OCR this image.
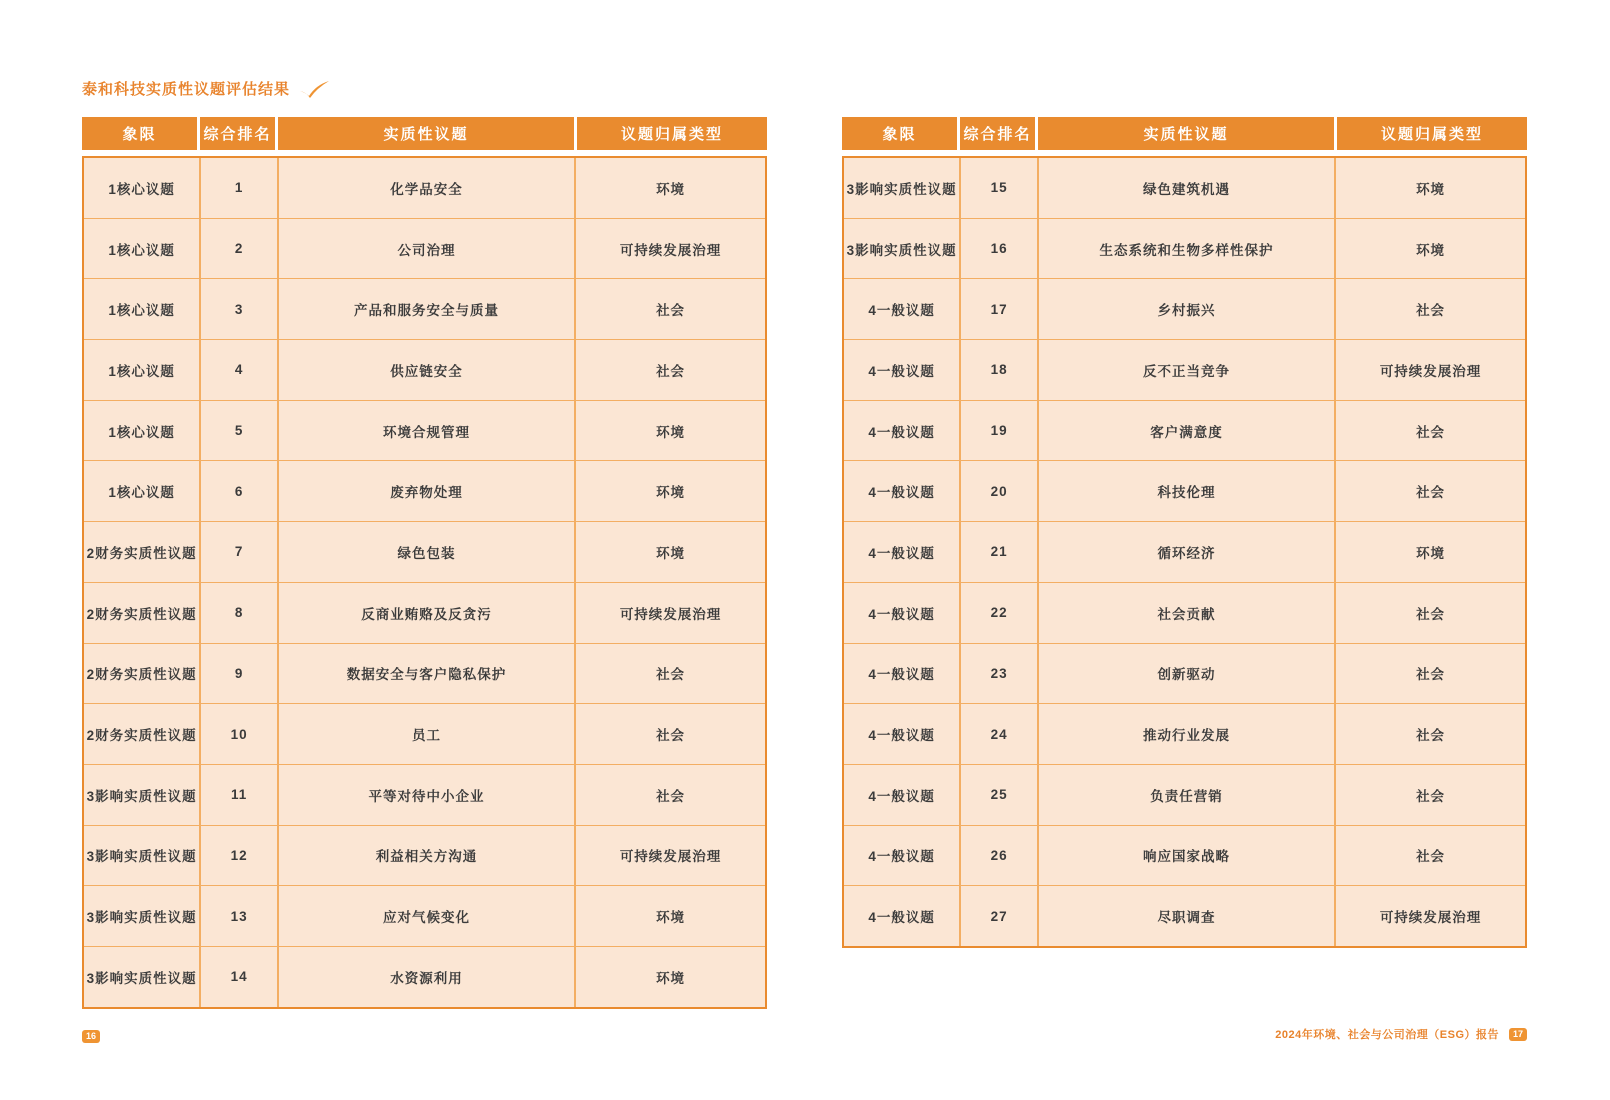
泰和科技实质性议题评估结果
象限	综合排名	实质性议题	议题归属类型
1核心议题	1	化学品安全	环境
1核心议题	2	公司治理	可持续发展治理
1核心议题	3	产品和服务安全与质量	社会
1核心议题	4	供应链安全	社会
1核心议题	5	环境合规管理	环境
1核心议题	6	废弃物处理	环境
2财务实质性议题	7	绿色包装	环境
2财务实质性议题	8	反商业贿赂及反贪污	可持续发展治理
2财务实质性议题	9	数据安全与客户隐私保护	社会
2财务实质性议题	10	员工	社会
3影响实质性议题	11	平等对待中小企业	社会
3影响实质性议题	12	利益相关方沟通	可持续发展治理
3影响实质性议题	13	应对气候变化	环境
3影响实质性议题	14	水资源利用	环境
象限	综合排名	实质性议题	议题归属类型
3影响实质性议题	15	绿色建筑机遇	环境
3影响实质性议题	16	生态系统和生物多样性保护	环境
4一般议题	17	乡村振兴	社会
4一般议题	18	反不正当竞争	可持续发展治理
4一般议题	19	客户满意度	社会
4一般议题	20	科技伦理	社会
4一般议题	21	循环经济	环境
4一般议题	22	社会贡献	社会
4一般议题	23	创新驱动	社会
4一般议题	24	推动行业发展	社会
4一般议题	25	负责任营销	社会
4一般议题	26	响应国家战略	社会
4一般议题	27	尽职调查	可持续发展治理
16	2024年环境、社会与公司治理（ESG）报告	17
